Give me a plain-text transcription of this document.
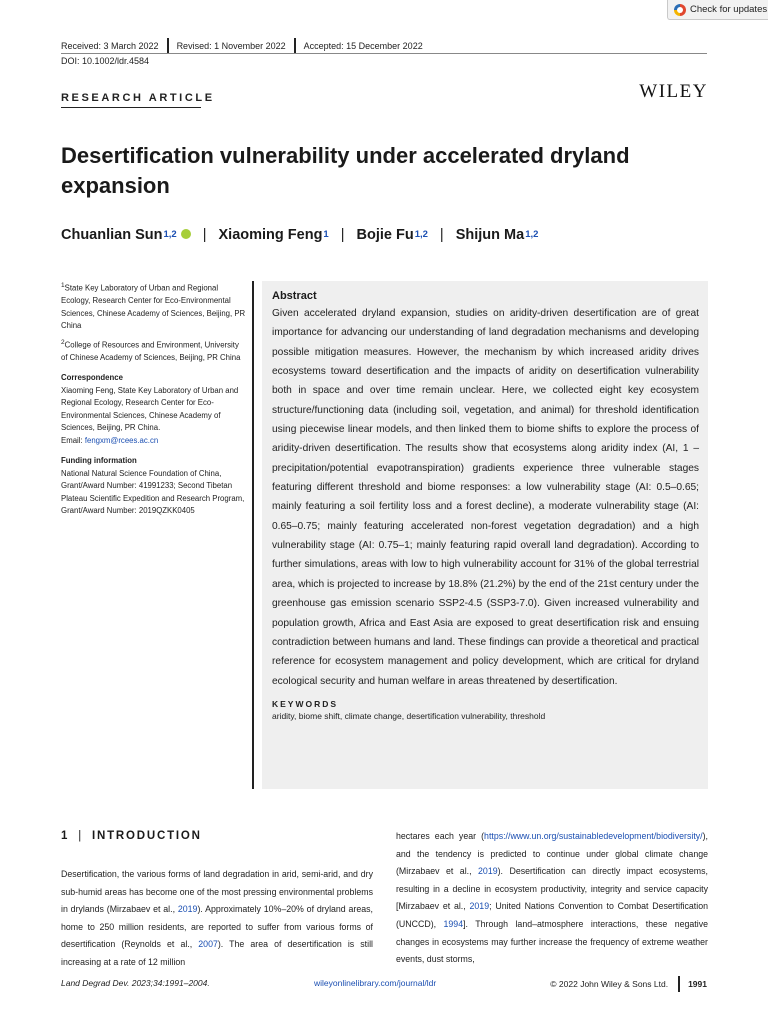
Check for updates
Received: 3 March 2022 Revised: 1 November 2022 Accepted: 15 December 2022
DOI: 10.1002/ldr.4584
RESEARCH ARTICLE	WILEY
Desertification vulnerability under accelerated dryland expansion
Chuanlian Sun$^{1,2}$ | Xiaoming Feng$^1$ | Bojie Fu$^{1,2}$ | Shijun Ma$^{1,2}$

$^1$State Key Laboratory of Urban and Regional Ecology, Research Center for Eco-Environmental Sciences, Chinese Academy of Sciences, Beijing, PR China

$^2$College of Resources and Environment, University of Chinese Academy of Sciences, Beijing, PR China

Correspondence

Xiaoming Feng, State Key Laboratory of Urban and Regional Ecology, Research Center for Eco-Environmental Sciences, Chinese Academy of Sciences, Beijing, PR China.
Email: fengxm@rcees.ac.cn

Funding information

National Natural Science Foundation of China, Grant/Award Number: 41991233; Second Tibetan Plateau Scientific Expedition and Research Program, Grant/Award Number: 2019QZKK0405

Abstract

Given accelerated dryland expansion, studies on aridity-driven desertification are of great importance for advancing our understanding of land degradation mechanisms and developing possible mitigation measures. However, the mechanism by which increased aridity drives ecosystems toward desertification and the impacts of aridity on desertification vulnerability both in space and over time remain unclear. Here, we collected eight key ecosystem structure/functioning data (including soil, vegetation, and animal) for threshold identification using piecewise linear models, and then linked them to biome shifts to explore the process of aridity-driven desertification. The results show that ecosystems along aridity index (AI, 1 – precipitation/potential evapotranspiration) gradients experience three vulnerable stages featuring different threshold and biome responses: a low vulnerability stage (AI: 0.5–0.65; mainly featuring a soil fertility loss and a forest decline), a moderate vulnerability stage (AI: 0.65–0.75; mainly featuring accelerated non-forest vegetation degradation) and a high vulnerability stage (AI: 0.75–1; mainly featuring rapid overall land degradation). According to further simulations, areas with low to high vulnerability account for 31% of the global terrestrial area, which is projected to increase by 18.8% (21.2%) by the end of the 21st century under the greenhouse gas emission scenario SSP2-4.5 (SSP3-7.0). Given increased vulnerability and population growth, Africa and East Asia are exposed to great desertification risk and ensuing contradiction between humans and land. These findings can provide a theoretical and practical reference for ecosystem management and policy development, which are critical for dryland ecological security and human welfare in areas threatened by desertification.

KEYWORDS
aridity, biome shift, climate change, desertification vulnerability, threshold
1 | INTRODUCTION

Desertification, the various forms of land degradation in arid, semi-arid, and dry sub-humid areas has become one of the most pressing environmental problems in drylands (Mirzabaev et al., 2019). Approximately 10%–20% of dryland areas, home to 250 million residents, are reported to suffer from various forms of desertification (Reynolds et al., 2007). The area of desertification is still increasing at a rate of 12 million

hectares each year (https://www.un.org/sustainabledevelopment/biodiversity/), and the tendency is predicted to continue under global climate change (Mirzabaev et al., 2019). Desertification can directly impact ecosystems, resulting in a decline in ecosystem productivity, integrity and service capacity [Mirzabaev et al., 2019; United Nations Convention to Combat Desertification (UNCCD), 1994]. Through land–atmosphere interactions, these negative changes in ecosystems may further increase the frequency of extreme weather events, dust storms,

Land Degrad Dev. 2023;34:1991–2004.	wileyonlinelibrary.com/journal/ldr	© 2022 John Wiley & Sons Ltd. 1991
